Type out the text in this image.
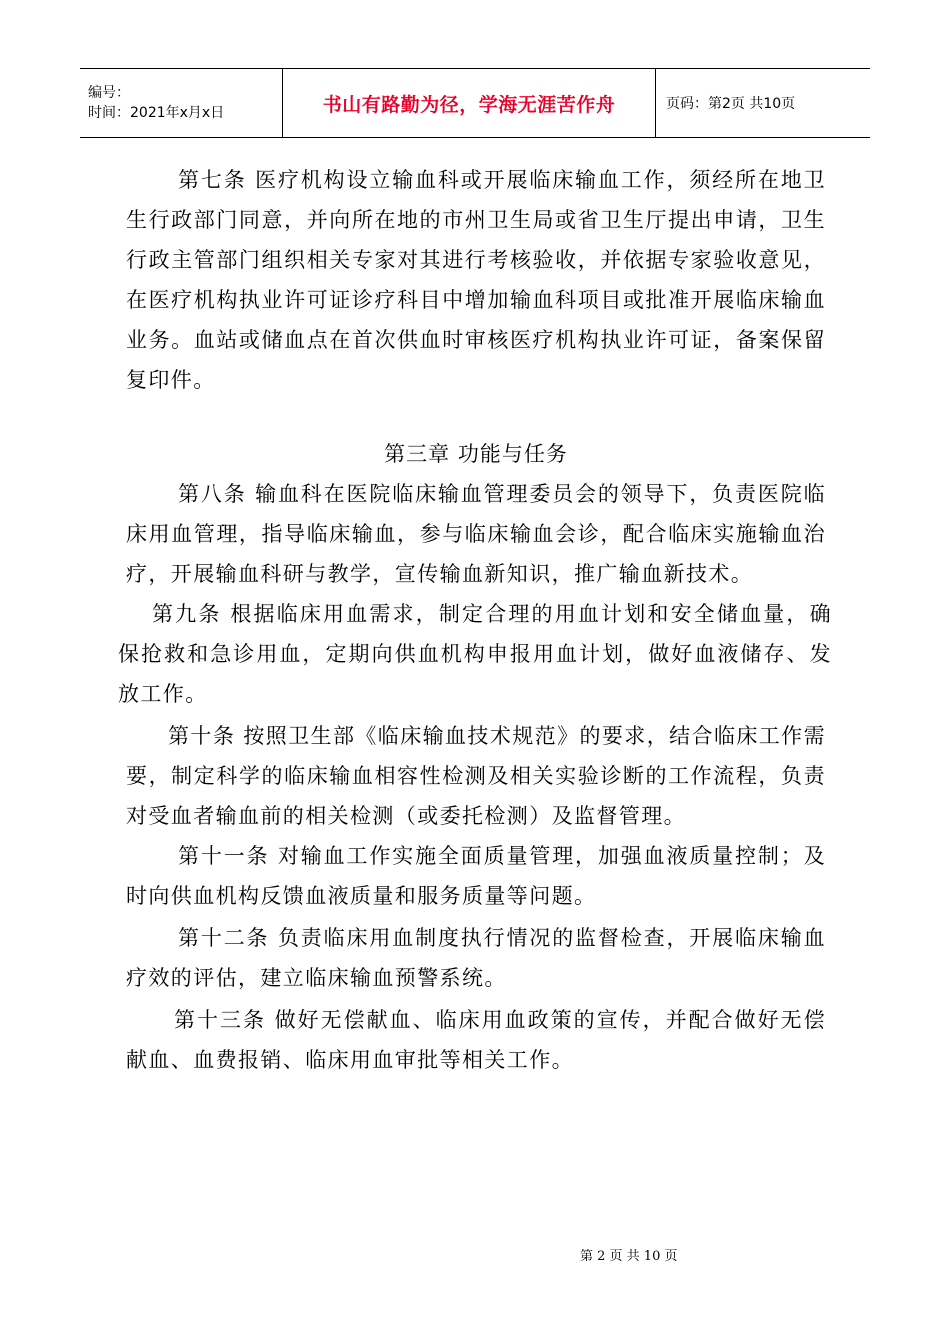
编号：
时间：2021年x月x日	书山有路勤为径，学海无涯苦作舟	页码：第2页 共10页

第七条 医疗机构设立输血科或开展临床输血工作，须经所在地卫生行政部门同意，并向所在地的市州卫生局或省卫生厅提出申请，卫生行政主管部门组织相关专家对其进行考核验收，并依据专家验收意见，在医疗机构执业许可证诊疗科目中增加输血科项目或批准开展临床输血业务。血站或储血点在首次供血时审核医疗机构执业许可证，备案保留复印件。

第三章 功能与任务

第八条 输血科在医院临床输血管理委员会的领导下，负责医院临床用血管理，指导临床输血，参与临床输血会诊，配合临床实施输血治疗，开展输血科研与教学，宣传输血新知识，推广输血新技术。

第九条 根据临床用血需求，制定合理的用血计划和安全储血量，确保抢救和急诊用血，定期向供血机构申报用血计划，做好血液储存、发放工作。

第十条 按照卫生部《临床输血技术规范》的要求，结合临床工作需要，制定科学的临床输血相容性检测及相关实验诊断的工作流程，负责对受血者输血前的相关检测（或委托检测）及监督管理。

第十一条 对输血工作实施全面质量管理，加强血液质量控制；及时向供血机构反馈血液质量和服务质量等问题。

第十二条 负责临床用血制度执行情况的监督检查，开展临床输血疗效的评估，建立临床输血预警系统。

第十三条 做好无偿献血、临床用血政策的宣传，并配合做好无偿献血、血费报销、临床用血审批等相关工作。

第 2 页 共 10 页
